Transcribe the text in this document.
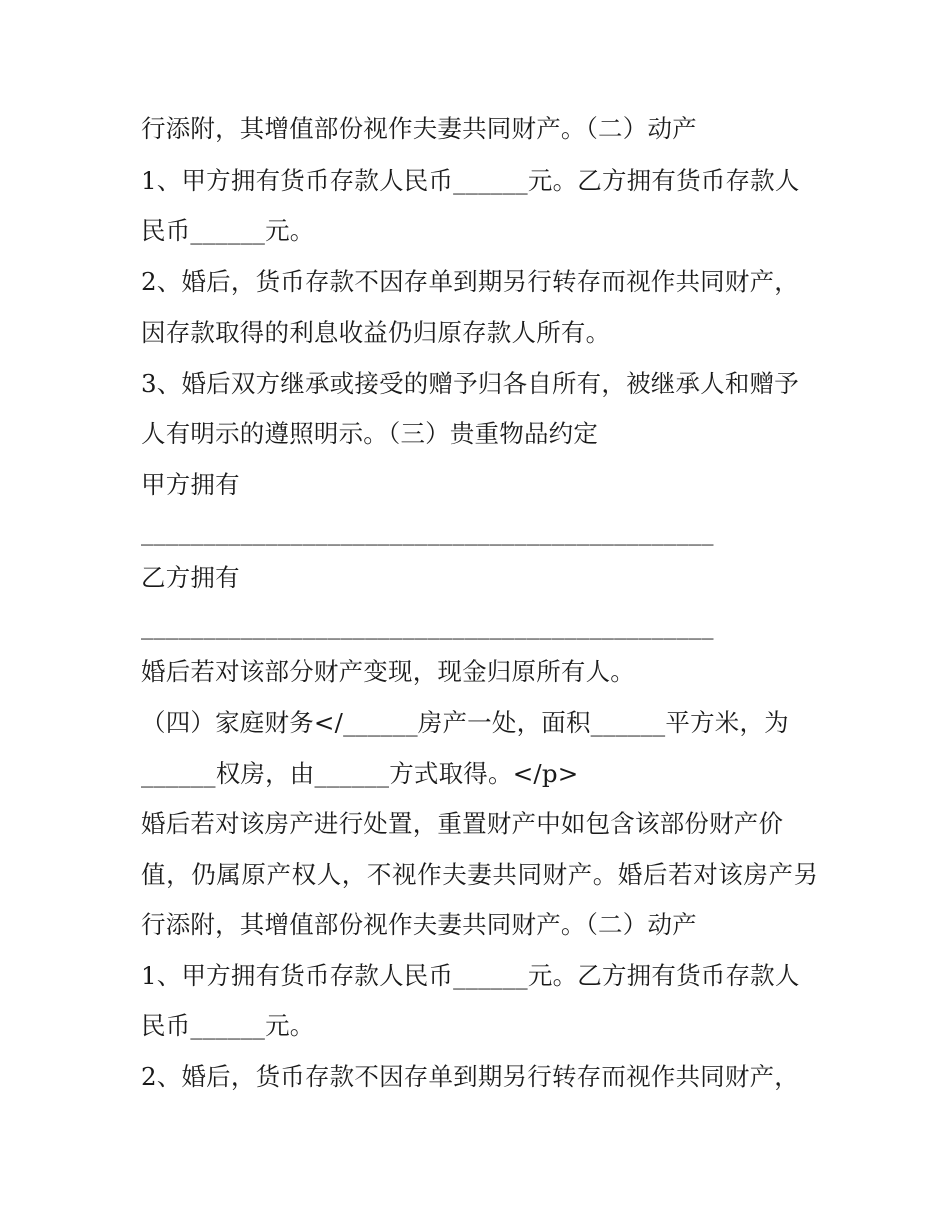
行添附，其增值部份视作夫妻共同财产。（二）动产

1、甲方拥有货币存款人民币______元。乙方拥有货币存款人

民币______元。

2、婚后，货币存款不因存单到期另行转存而视作共同财产，

因存款取得的利息收益仍归原存款人所有。

3、婚后双方继承或接受的赠予归各自所有，被继承人和赠予

人有明示的遵照明示。（三）贵重物品约定

甲方拥有

______________________________________________

乙方拥有

______________________________________________

婚后若对该部分财产变现，现金归原所有人。

（四）家庭财务</______房产一处，面积______平方米，为

______权房，由______方式取得。</p>

婚后若对该房产进行处置，重置财产中如包含该部份财产价

值，仍属原产权人，不视作夫妻共同财产。婚后若对该房产另

行添附，其增值部份视作夫妻共同财产。（二）动产

1、甲方拥有货币存款人民币______元。乙方拥有货币存款人

民币______元。

2、婚后，货币存款不因存单到期另行转存而视作共同财产，
